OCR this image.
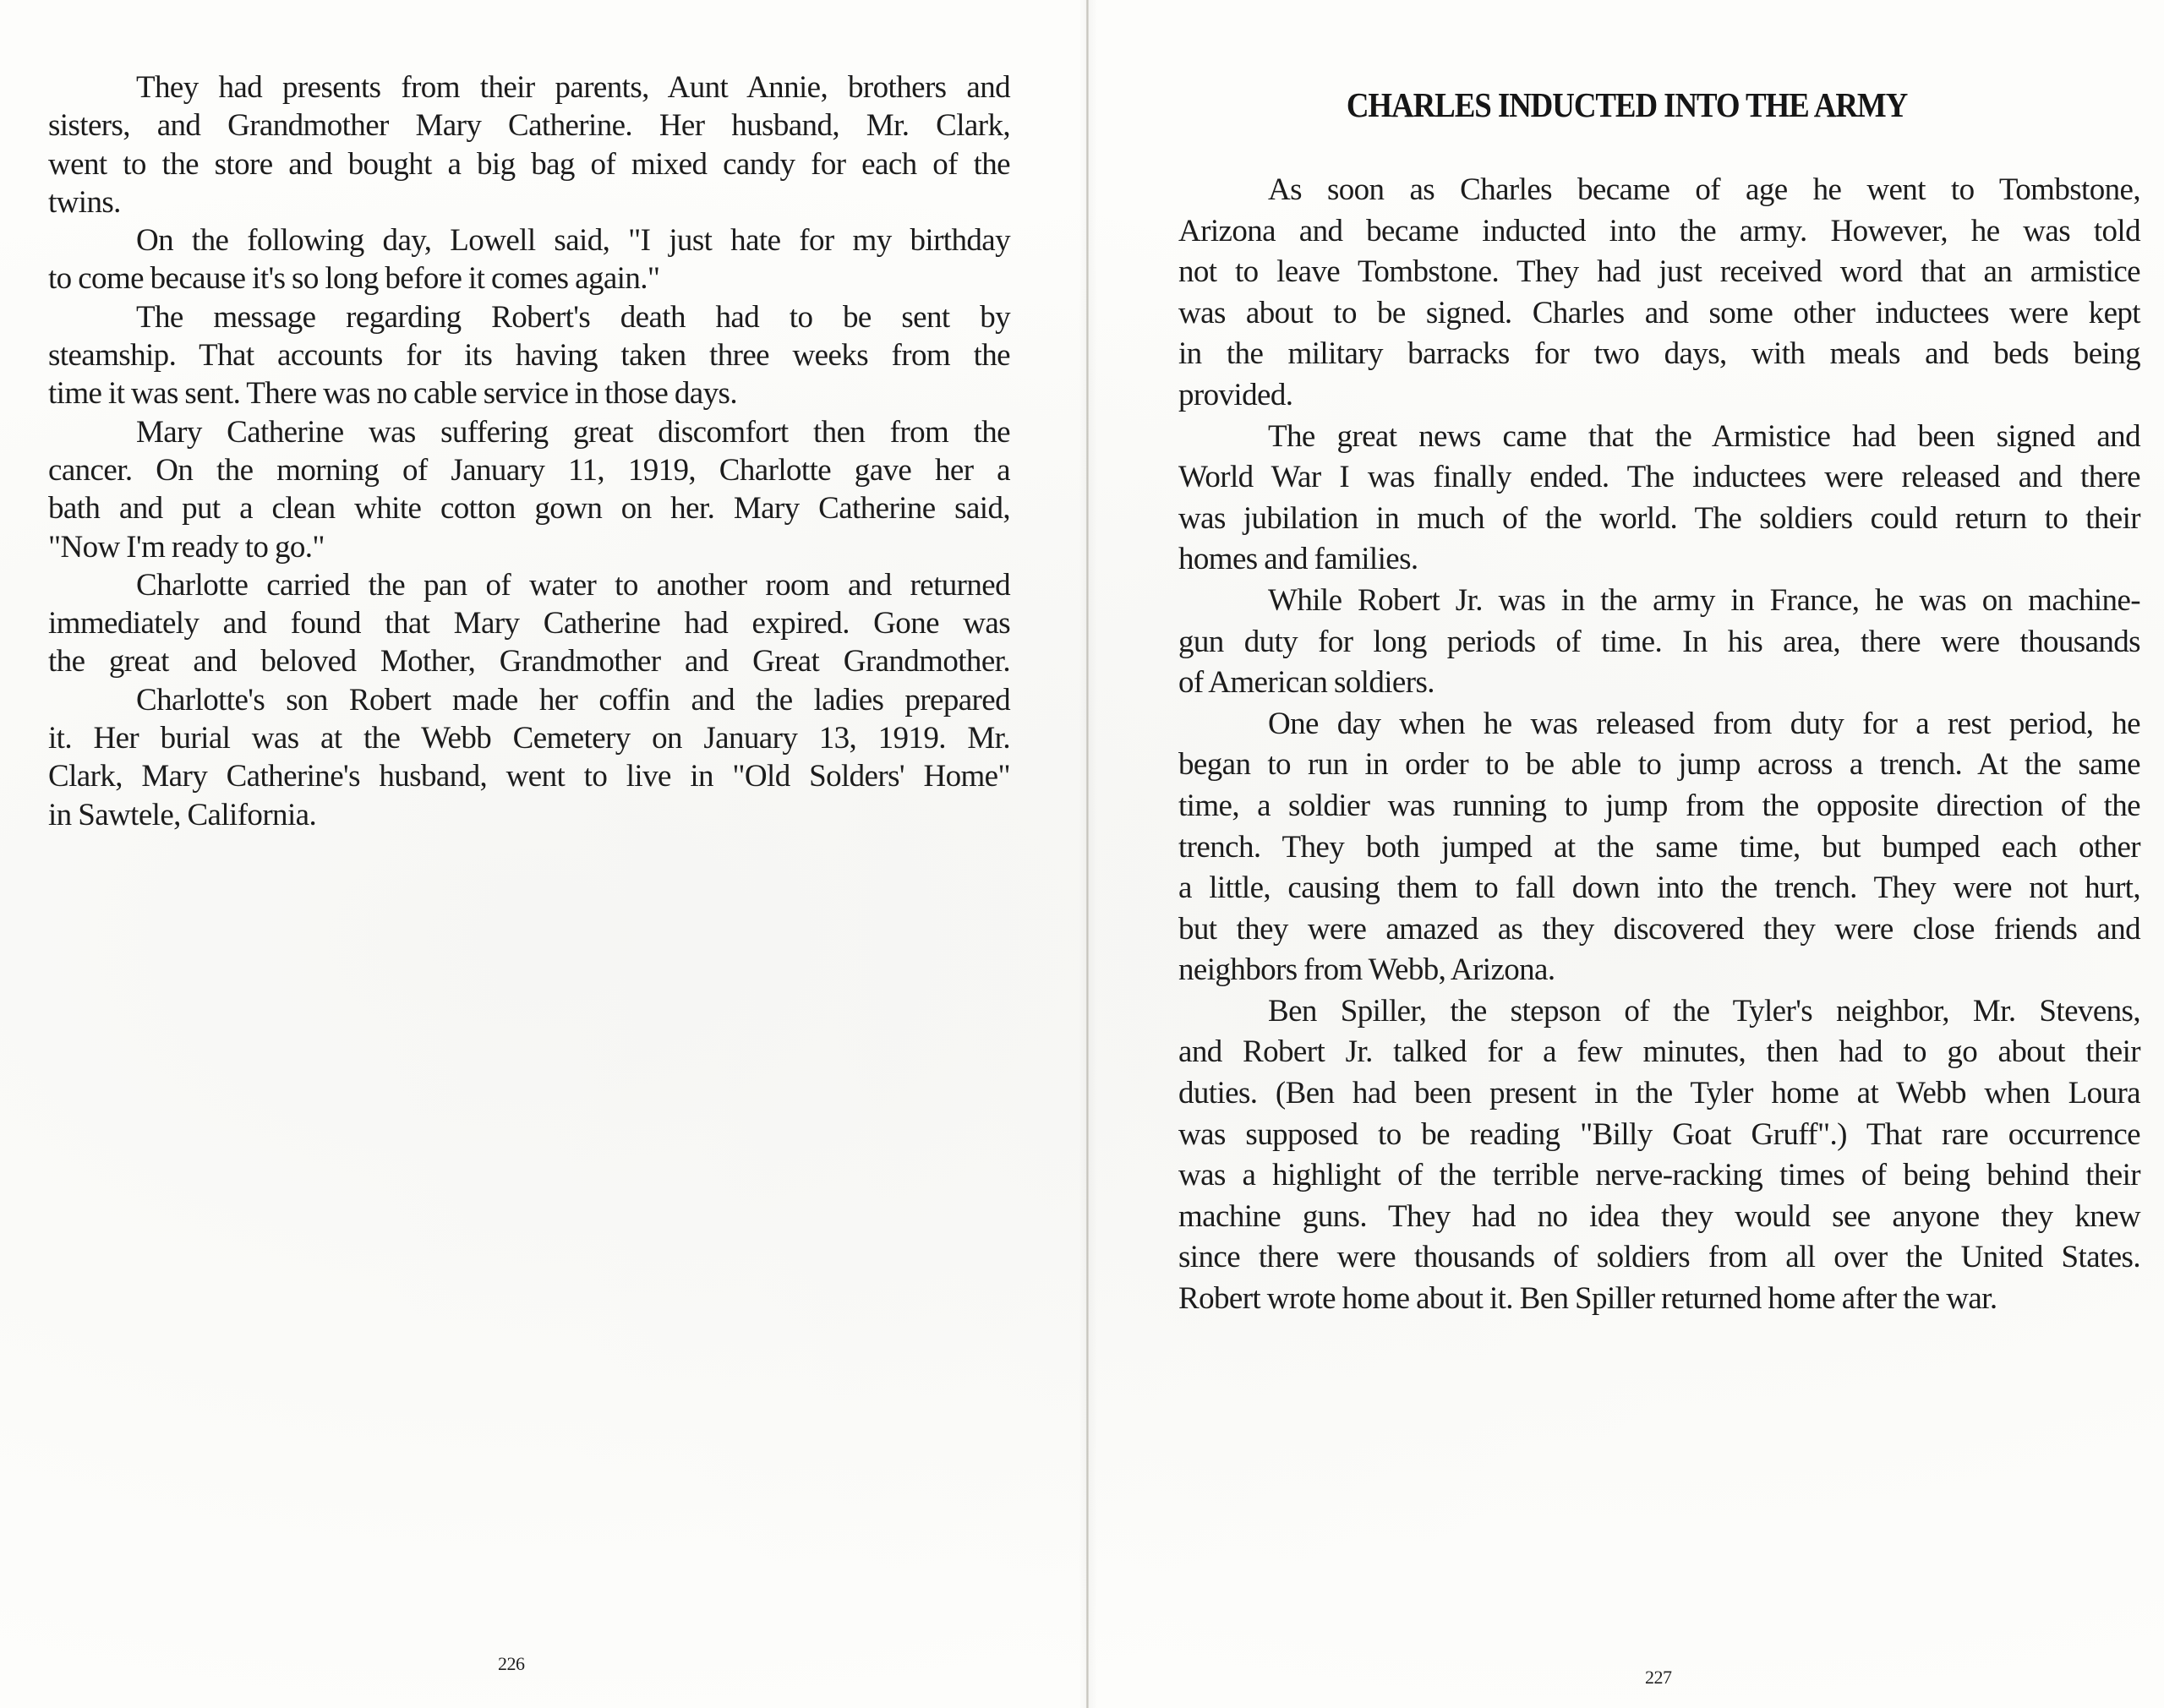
They had presents from their parents, Aunt Annie, brothers and
sisters, and Grandmother Mary Catherine. Her husband, Mr. Clark,
went to the store and bought a big bag of mixed candy for each of the
twins.
On the following day, Lowell said, "I just hate for my birthday
to come because it's so long before it comes again."
The message regarding Robert's death had to be sent by
steamship. That accounts for its having taken three weeks from the
time it was sent. There was no cable service in those days.
Mary Catherine was suffering great discomfort then from the
cancer. On the morning of January 11, 1919, Charlotte gave her a
bath and put a clean white cotton gown on her. Mary Catherine said,
"Now I'm ready to go."
Charlotte carried the pan of water to another room and returned
immediately and found that Mary Catherine had expired. Gone was
the great and beloved Mother, Grandmother and Great Grandmother.
Charlotte's son Robert made her coffin and the ladies prepared
it. Her burial was at the Webb Cemetery on January 13, 1919. Mr.
Clark, Mary Catherine's husband, went to live in "Old Solders' Home"
in Sawtele, California.
226
CHARLES INDUCTED INTO THE ARMY
As soon as Charles became of age he went to Tombstone,
Arizona and became inducted into the army. However, he was told
not to leave Tombstone. They had just received word that an armistice
was about to be signed. Charles and some other inductees were kept
in the military barracks for two days, with meals and beds being
provided.
The great news came that the Armistice had been signed and
World War I was finally ended. The inductees were released and there
was jubilation in much of the world. The soldiers could return to their
homes and families.
While Robert Jr. was in the army in France, he was on machine-
gun duty for long periods of time. In his area, there were thousands
of American soldiers.
One day when he was released from duty for a rest period, he
began to run in order to be able to jump across a trench. At the same
time, a soldier was running to jump from the opposite direction of the
trench. They both jumped at the same time, but bumped each other
a little, causing them to fall down into the trench. They were not hurt,
but they were amazed as they discovered they were close friends and
neighbors from Webb, Arizona.
Ben Spiller, the stepson of the Tyler's neighbor, Mr. Stevens,
and Robert Jr. talked for a few minutes, then had to go about their
duties. (Ben had been present in the Tyler home at Webb when Loura
was supposed to be reading "Billy Goat Gruff".) That rare occurrence
was a highlight of the terrible nerve-racking times of being behind their
machine guns. They had no idea they would see anyone they knew
since there were thousands of soldiers from all over the United States.
Robert wrote home about it. Ben Spiller returned home after the war.
227
